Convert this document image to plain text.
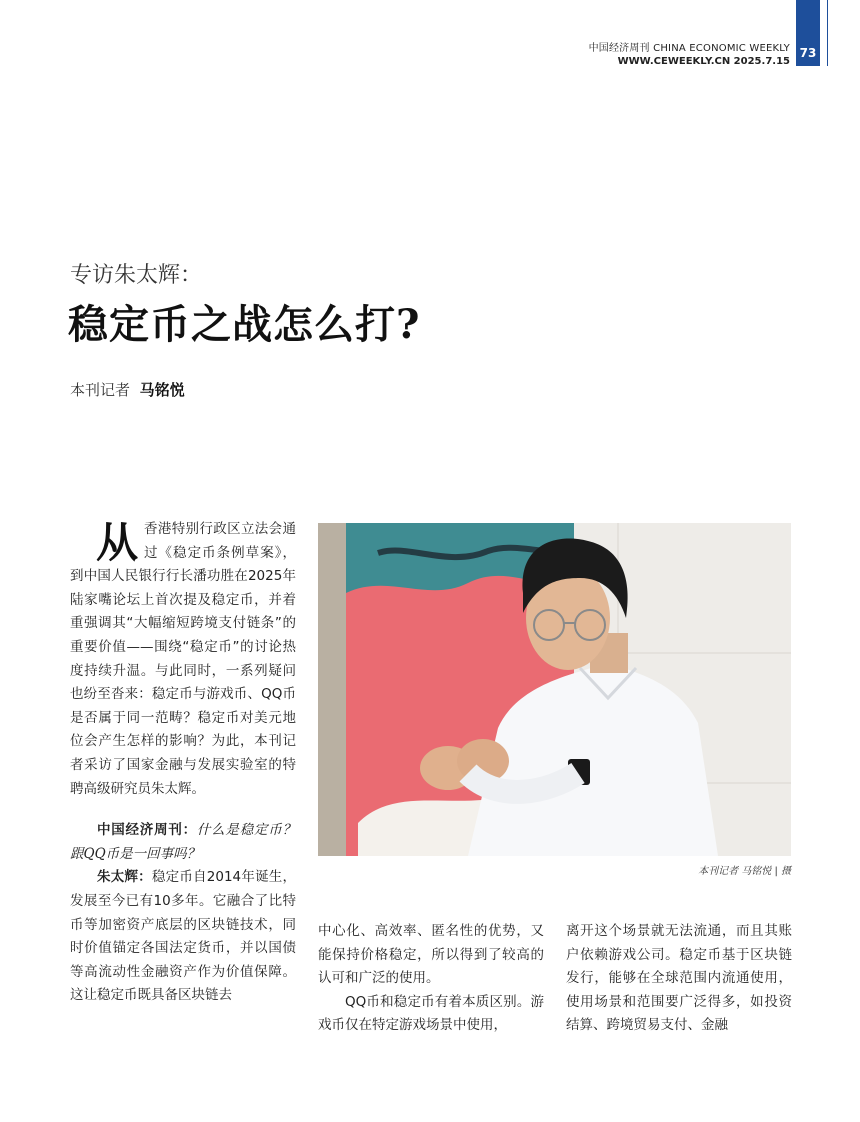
73
中国经济周刊 CHINA ECONOMIC WEEKLY
WWW.CEWEEKLY.CN 2025.7.15
专访朱太辉：
稳定币之战怎么打?
本刊记者 马铭悦
从香港特别行政区立法会通过《稳定币条例草案》，到中国人民银行行长潘功胜在2025年陆家嘴论坛上首次提及稳定币，并着重强调其“大幅缩短跨境支付链条”的重要价值——围绕“稳定币”的讨论热度持续升温。与此同时，一系列疑问也纷至沓来：稳定币与游戏币、QQ币是否属于同一范畴？稳定币对美元地位会产生怎样的影响？为此，本刊记者采访了国家金融与发展实验室的特聘高级研究员朱太辉。
中国经济周刊：什么是稳定币？跟QQ币是一回事吗？
朱太辉：稳定币自2014年诞生，发展至今已有10多年。它融合了比特币等加密资产底层的区块链技术，同时价值锚定各国法定货币，并以国债等高流动性金融资产作为价值保障。这让稳定币既具备区块链去
本刊记者 马铭悦 | 摄
中心化、高效率、匿名性的优势，又能保持价格稳定，所以得到了较高的认可和广泛的使用。
QQ币和稳定币有着本质区别。游戏币仅在特定游戏场景中使用，
离开这个场景就无法流通，而且其账户依赖游戏公司。稳定币基于区块链发行，能够在全球范围内流通使用，使用场景和范围要广泛得多，如投资结算、跨境贸易支付、金融
